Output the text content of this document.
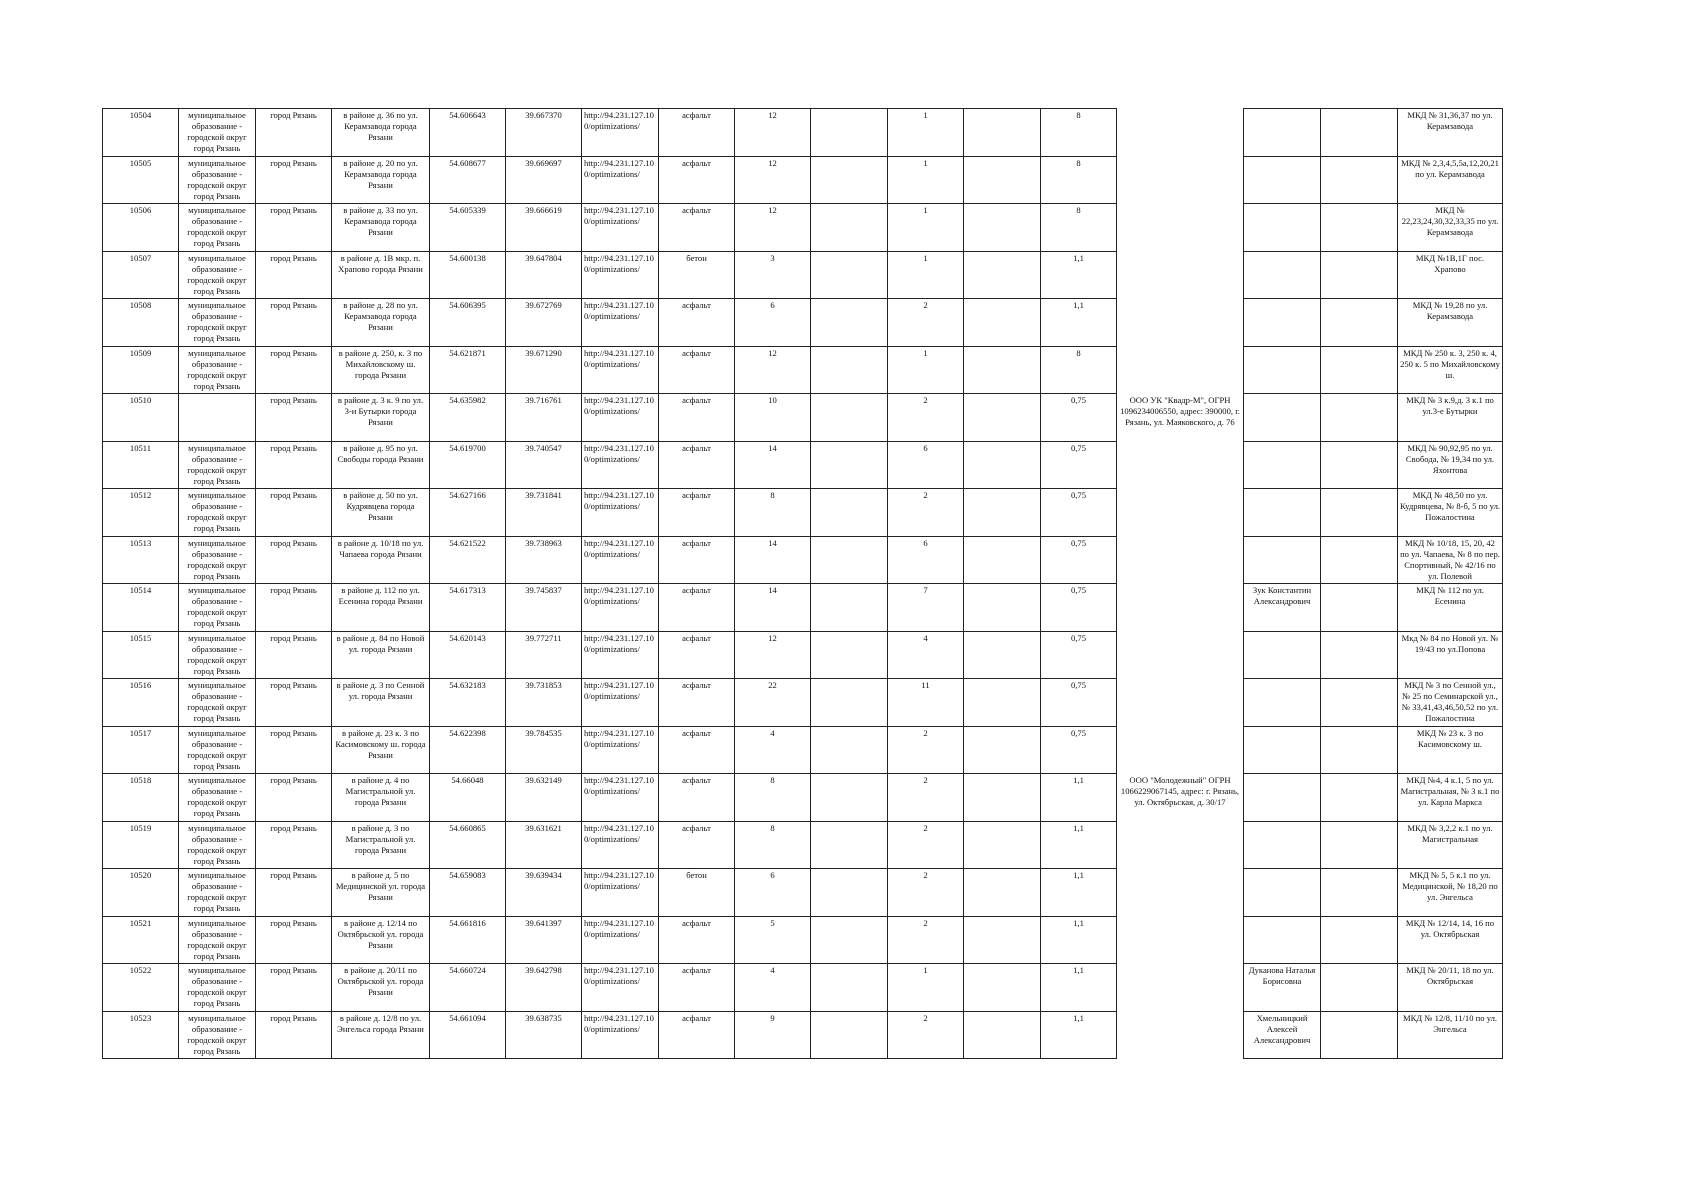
10504	муниципальное образование - городской округ город Рязань	город Рязань	в районе д. 36 по ул. Керамзавода города Рязани	54.606643	39.667370	http://94.231.127.100/optimizations/	асфальт	12		1		8				МКД № 31,36,37 по ул. Керамзавода
10505	муниципальное образование - городской округ город Рязань	город Рязань	в районе д. 20 по ул. Керамзавода города Рязани	54.608677	39.669697	http://94.231.127.100/optimizations/	асфальт	12		1		8				МКД № 2,3,4,5,5a,12,20,21 по ул. Керамзавода
10506	муниципальное образование - городской округ город Рязань	город Рязань	в районе д. 33 по ул. Керамзавода города Рязани	54.605339	39.666619	http://94.231.127.100/optimizations/	асфальт	12		1		8				МКД № 22,23,24,30,32,33,35 по ул. Керамзавода
10507	муниципальное образование - городской округ город Рязань	город Рязань	в районе д. 1В мкр. п. Храпово города Рязани	54.600138	39.647804	http://94.231.127.100/optimizations/	бетон	3		1		1,1				МКД №1В,1Г пос. Храпово
10508	муниципальное образование - городской округ город Рязань	город Рязань	в районе д. 28 по ул. Керамзавода города Рязани	54.606395	39.672769	http://94.231.127.100/optimizations/	асфальт	6		2		1,1				МКД № 19,28 по ул. Керамзавода
10509	муниципальное образование - городской округ город Рязань	город Рязань	в районе д. 250, к. 3 по Михайловскому ш. города Рязани	54.621871	39.671290	http://94.231.127.100/optimizations/	асфальт	12		1		8				МКД № 250 к. 3, 250 к. 4, 250 к. 5 по Михайловскому ш.
10510		город Рязань	в районе д. 3 к. 9 по ул. 3-и Бутырки города Рязани	54.635982	39.716761	http://94.231.127.100/optimizations/	асфальт	10		2		0,75	ООО УК "Квадр-М", ОГРН 1096234006550, адрес: 390000, г. Рязань, ул. Маяковского, д. 76			МКД № 3 к.9,д. 3 к.1 по ул.3-е Бутырки
10511	муниципальное образование - городской округ город Рязань	город Рязань	в районе д. 95 по ул. Свободы города Рязани	54.619700	39.740547	http://94.231.127.100/optimizations/	асфальт	14		6		0,75				МКД № 90,92,95 по ул. Свобода, № 19,34 по ул. Яхонтова
10512	муниципальное образование - городской округ город Рязань	город Рязань	в районе д. 50 по ул. Кудрявцева города Рязани	54.627166	39.731841	http://94.231.127.100/optimizations/	асфальт	8		2		0,75				МКД № 48,50 по ул. Кудрявцева, № 8-б, 5 по ул. Пожалостина
10513	муниципальное образование - городской округ город Рязань	город Рязань	в районе д. 10/18 по ул. Чапаева города Рязани	54.621522	39.738963	http://94.231.127.100/optimizations/	асфальт	14		6		0,75				МКД № 10/18, 15, 20, 42 по ул. Чапаева, № 8 по пер. Спортивный, № 42/16 по ул. Полевой
10514	муниципальное образование - городской округ город Рязань	город Рязань	в районе д. 112 по ул. Есенина города Рязани	54.617313	39.745837	http://94.231.127.100/optimizations/	асфальт	14		7		0,75		Зук Константин Александрович		МКД № 112 по ул. Есенина
10515	муниципальное образование - городской округ город Рязань	город Рязань	в районе д. 84 по Новой ул. города Рязани	54.620143	39.772711	http://94.231.127.100/optimizations/	асфальт	12		4		0,75				Мкд № 84 по Новой ул. № 19/43 по ул.Попова
10516	муниципальное образование - городской округ город Рязань	город Рязань	в районе д. 3 по Сенной ул. города Рязани	54.632183	39.731853	http://94.231.127.100/optimizations/	асфальт	22		11		0,75				МКД № 3 по Сенной ул., № 25 по Семинарской ул., № 33,41,43,46,50,52 по ул. Пожалостина
10517	муниципальное образование - городской округ город Рязань	город Рязань	в районе д. 23 к. 3 по Касимовскому ш. города Рязани	54.622398	39.784535	http://94.231.127.100/optimizations/	асфальт	4		2		0,75				МКД № 23 к. 3 по Касимовскому ш.
10518	муниципальное образование - городской округ город Рязань	город Рязань	в районе д. 4 по Магистральной ул. города Рязани	54.66048	39.632149	http://94.231.127.100/optimizations/	асфальт	8		2		1,1	ООО "Молодежный" ОГРН 1066229067145, адрес: г. Рязань, ул. Октябрьская, д. 30/17			МКД №4, 4 к.1, 5 по ул. Магистральная, № 3 к.1 по ул. Карла Маркса
10519	муниципальное образование - городской округ город Рязань	город Рязань	в районе д. 3 по Магистральной ул. города Рязани	54.660865	39.631621	http://94.231.127.100/optimizations/	асфальт	8		2		1,1				МКД № 3,2,2 к.1 по ул. Магистральная
10520	муниципальное образование - городской округ город Рязань	город Рязань	в районе д. 5 по Медицинской ул. города Рязани	54.659083	39.639434	http://94.231.127.100/optimizations/	бетон	6		2		1,1				МКД № 5, 5 к.1 по ул. Медицинской, № 18,20 по ул. Энгельса
10521	муниципальное образование - городской округ город Рязань	город Рязань	в районе д. 12/14 по Октябрьской ул. города Рязани	54.661816	39.641397	http://94.231.127.100/optimizations/	асфальт	5		2		1,1				МКД № 12/14, 14, 16 по ул. Октябрьская
10522	муниципальное образование - городской округ город Рязань	город Рязань	в районе д. 20/11 по Октябрьской ул. города Рязани	54.660724	39.642798	http://94.231.127.100/optimizations/	асфальт	4		1		1,1		Дуканова Наталья Борисовна		МКД № 20/11, 18 по ул. Октябрьская
10523	муниципальное образование - городской округ город Рязань	город Рязань	в районе д. 12/8 по ул. Энгельса города Рязани	54.661094	39.638735	http://94.231.127.100/optimizations/	асфальт	9		2		1,1		Хмельницкий Алексей Александрович		МКД № 12/8, 11/10 по ул. Энгельса
